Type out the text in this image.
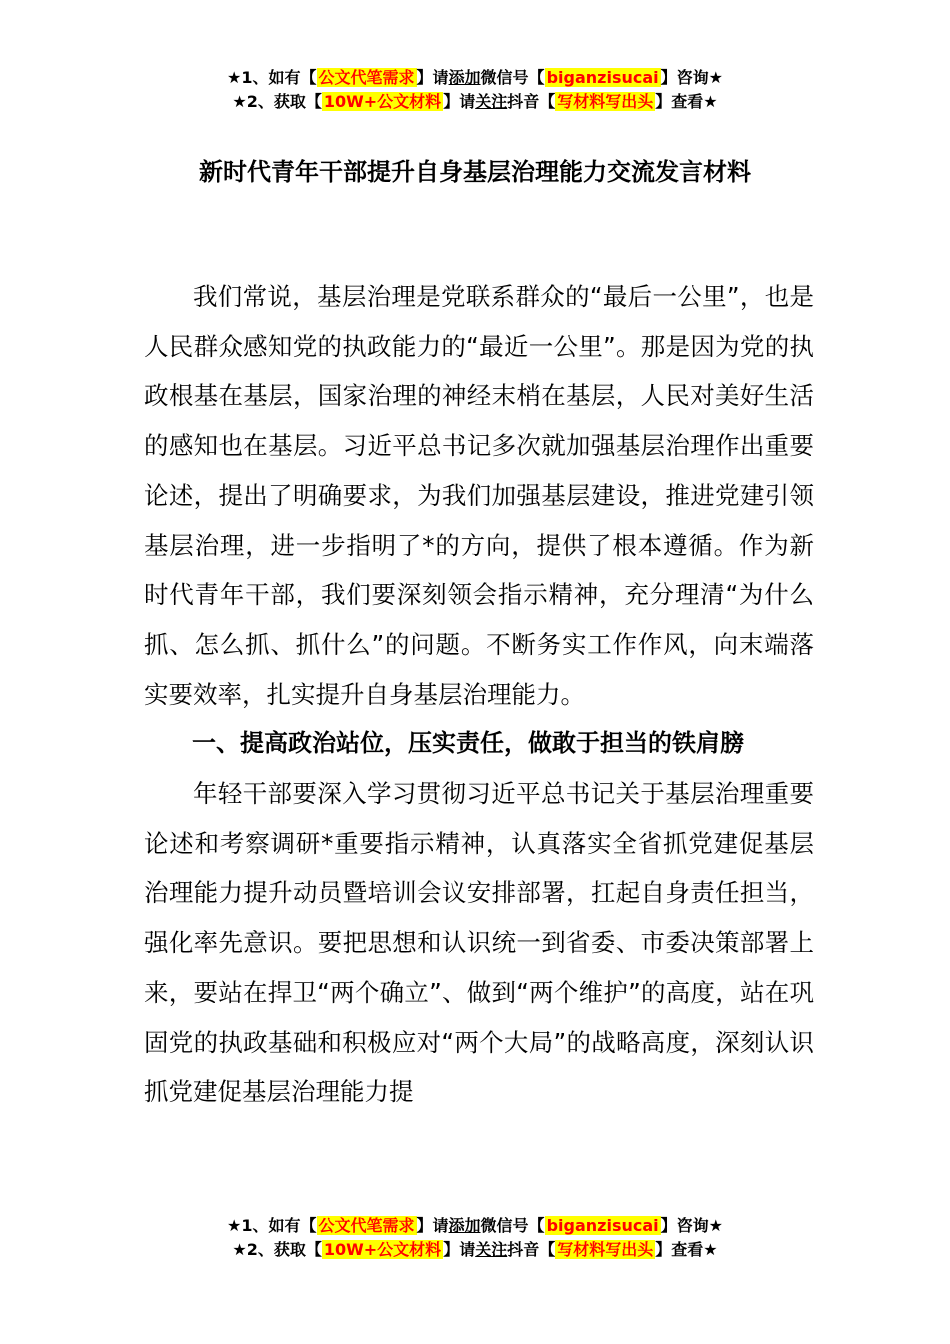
★1、如有【 公文代笔需求 】请添加微信号【 biganzisucai 】咨询★
★2、获取【 10W+公文材料 】请关注抖音【 写材料写出头 】查看★
新时代青年干部提升自身基层治理能力交流发言材料

我们常说，基层治理是党联系群众的“最后一公里”，也是人民群众感知党的执政能力的“最近一公里”。那是因为党的执政根基在基层，国家治理的神经末梢在基层，人民对美好生活的感知也在基层。习近平总书记多次就加强基层治理作出重要论述，提出了明确要求，为我们加强基层建设，推进党建引领基层治理，进一步指明了*的方向，提供了根本遵循。作为新时代青年干部，我们要深刻领会指示精神，充分理清“为什么抓、怎么抓、抓什么”的问题。不断务实工作作风，向末端落实要效率，扎实提升自身基层治理能力。

一、提高政治站位，压实责任，做敢于担当的铁肩膀

年轻干部要深入学习贯彻习近平总书记关于基层治理重要论述和考察调研*重要指示精神，认真落实全省抓党建促基层治理能力提升动员暨培训会议安排部署，扛起自身责任担当，强化率先意识。要把思想和认识统一到省委、市委决策部署上来，要站在捍卫“两个确立”、做到“两个维护”的高度，站在巩固党的执政基础和积极应对“两个大局”的战略高度，深刻认识抓党建促基层治理能力提

★1、如有【 公文代笔需求 】请添加微信号【 biganzisucai 】咨询★
★2、获取【 10W+公文材料 】请关注抖音【 写材料写出头 】查看★
